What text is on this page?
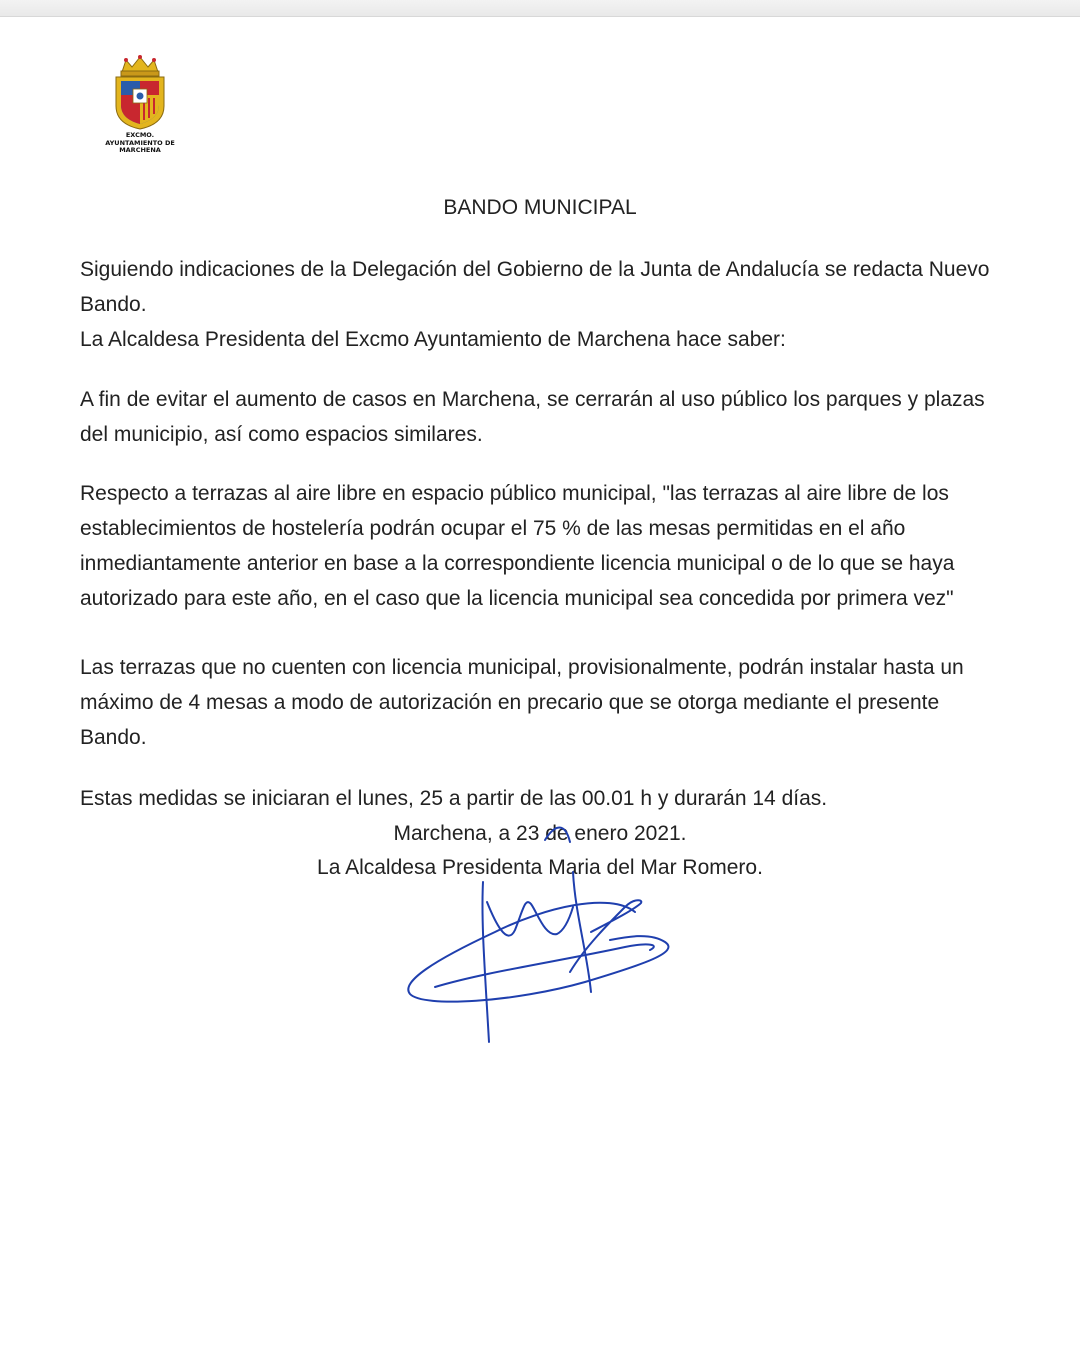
EXCMO.
AYUNTAMIENTO DE
MARCHENA
BANDO MUNICIPAL

Siguiendo indicaciones de la Delegación del Gobierno de la Junta de Andalucía se redacta Nuevo Bando.

La Alcaldesa Presidenta del Excmo Ayuntamiento de Marchena hace saber:

A fin de evitar el aumento de casos en Marchena, se cerrarán al uso público los parques y plazas del municipio, así como espacios similares.

Respecto a terrazas al aire libre en espacio público municipal, "las terrazas al aire libre de los establecimientos de hostelería podrán ocupar el 75 % de las mesas permitidas en el año inmediantamente anterior en base a la correspondiente licencia municipal o de lo que se haya autorizado para este año, en el caso que la licencia municipal sea concedida por primera vez"

Las terrazas que no cuenten con licencia municipal, provisionalmente, podrán instalar hasta un máximo de 4 mesas a modo de autorización en precario que se otorga mediante el presente Bando.

Estas medidas se iniciaran el lunes, 25 a partir de las 00.01 h y durarán 14 días.

Marchena, a 23 de enero 2021.
La Alcaldesa Presidenta Maria del Mar Romero.
